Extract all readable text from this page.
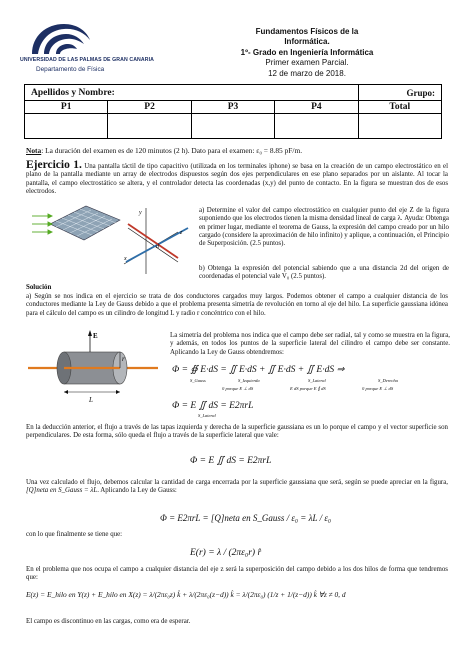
UNIVERSIDAD DE LAS PALMAS DE GRAN CANARIA
Departamento de Física
Fundamentos Físicos de la Informática.
1º- Grado en Ingeniería Informática
Primer examen Parcial.
12 de marzo de 2018.
Apellidos y Nombre:				Grupo:
P1	P2	P3	P4	Total

Nota: La duración del examen es de 120 minutos (2 h). Dato para el examen: ε₀ = 8.85 pF/m.
Ejercicio 1. Una pantalla táctil de tipo capacitivo (utilizada en los terminales iphone) se basa en la creación de un campo electrostático en el plano de la pantalla mediante un array de electrodos dispuestos según dos ejes perpendiculares en ese plano separados por un aislante. Al tocar la pantalla, el campo electrostático se altera, y el controlador detecta las coordenadas (x,y) del punto de contacto. En la figura se muestran dos de esos electrodos.
y
x
z
d
a) Determine el valor del campo electrostático en cualquier punto del eje Z de la figura suponiendo que los electrodos tienen la misma densidad lineal de carga λ. Ayuda: Obtenga en primer lugar, mediante el teorema de Gauss, la expresión del campo creado por un hilo cargado (considere la aproximación de hilo infinito) y aplique, a continuación, el Principio de Superposición. (2.5 puntos).
b) Obtenga la expresión del potencial sabiendo que a una distancia 2d del origen de coordenadas el potencial vale V₀ (2.5 puntos).
Solución
a) Según se nos indica en el ejercicio se trata de dos conductores cargados muy largos. Podemos obtener el campo a cualquier distancia de los conductores mediante la Ley de Gauss debido a que el problema presenta simetría de revolución en torno al eje del hilo. La superficie gaussiana idónea para el cálculo del campo es un cilindro de longitud L y radio r concéntrico con el hilo.
E
r
L
La simetría del problema nos indica que el campo debe ser radial, tal y como se muestra en la figura, y además, en todos los puntos de la superficie lateral del cilindro el campo debe ser constante. Aplicando la Ley de Gauss obtendremos:
Φ = ∯ E·dS = ∬ E·dS + ∬ E·dS + ∬ E·dS ⇒
S_Gauss	S_Izquierda	S_Lateral	S_Derecha
0 porque E ⊥ dS	E dS porque E ∥ dS	0 porque E ⊥ dS
Φ = E ∬ dS = E2πrL
S_Lateral
En la deducción anterior, el flujo a través de las tapas izquierda y derecha de la superficie gaussiana es un lo porque el campo y el vector superficie son perpendiculares. De esta forma, sólo queda el flujo a través de la superficie lateral que vale:
Φ = E ∬ dS = E2πrL
Una vez calculado el flujo, debemos calcular la cantidad de carga encerrada por la superficie gaussiana que será, según se puede apreciar en la figura, [Q]neta en S_Gauss = λL. Aplicando la Ley de Gauss:
Φ = E2πrL = [Q]neta en S_Gauss / ε₀ = λL / ε₀
con lo que finalmente se tiene que:
E(r) = λ / (2πε₀r) r̂
En el problema que nos ocupa el campo a cualquier distancia del eje z será la superposición del campo debido a los dos hilos de forma que tendremos que:
E(z) = E_hilo en Y(z) + E_hilo en X(z) = λ/(2πε₀z) k̂ + λ/(2πε₀(z−d)) k̂ = λ/(2πε₀) (1/z + 1/(z−d)) k̂ ∀z ≠ 0, d
El campo es discontinuo en las cargas, como era de esperar.
